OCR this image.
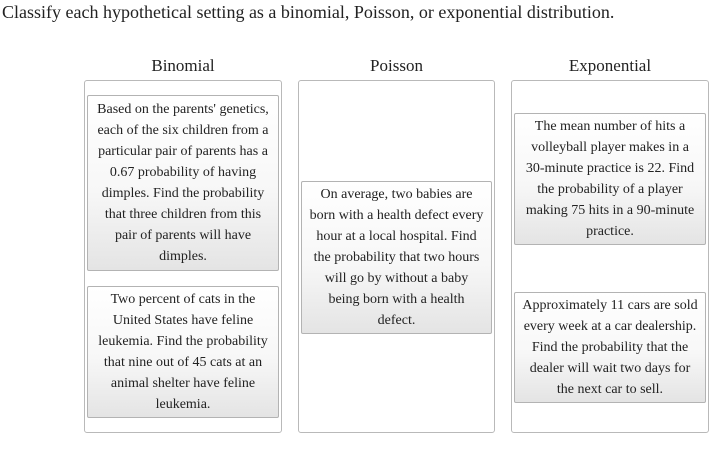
Classify each hypothetical setting as a binomial, Poisson, or exponential distribution.
Binomial
Based on the parents' genetics, each of the six children from a particular pair of parents has a 0.67 probability of having dimples. Find the probability that three children from this pair of parents will have dimples.
Two percent of cats in the United States have feline leukemia. Find the probability that nine out of 45 cats at an animal shelter have feline leukemia.
Poisson
On average, two babies are born with a health defect every hour at a local hospital. Find the probability that two hours will go by without a baby being born with a health defect.
Exponential
The mean number of hits a volleyball player makes in a 30-minute practice is 22. Find the probability of a player making 75 hits in a 90-minute practice.
Approximately 11 cars are sold every week at a car dealership. Find the probability that the dealer will wait two days for the next car to sell.
